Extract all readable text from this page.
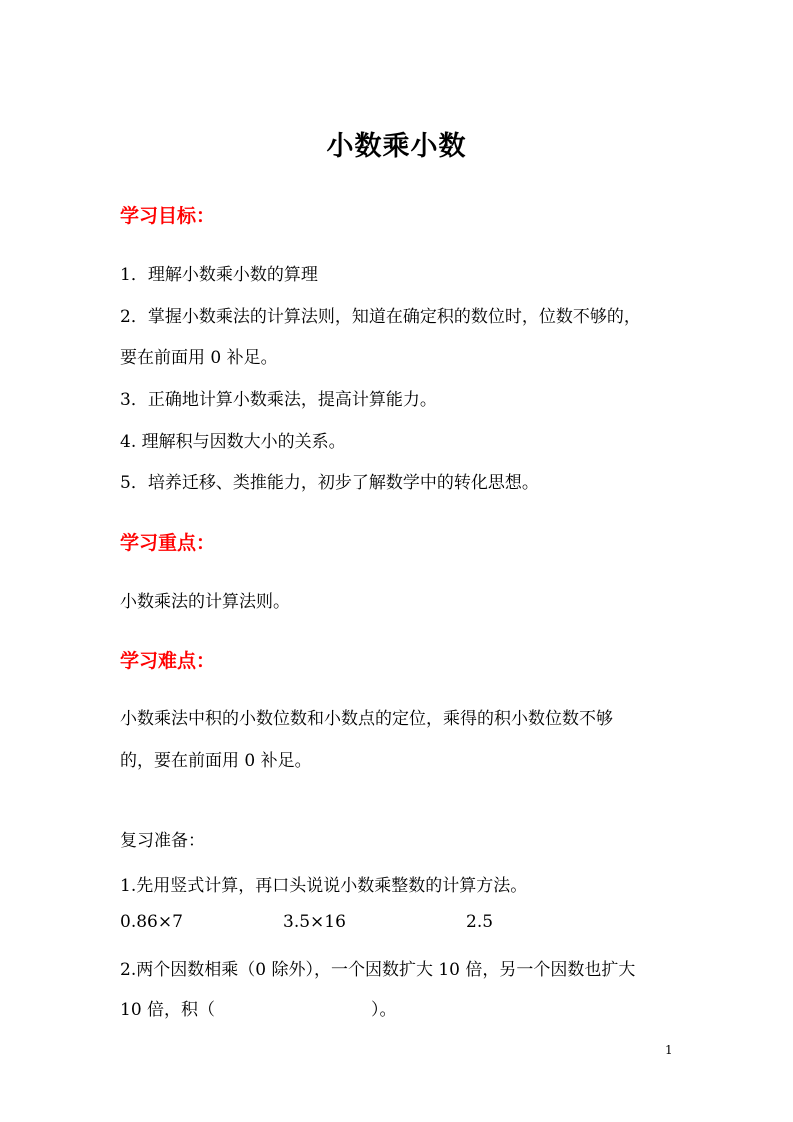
小数乘小数
学习目标：
1．理解小数乘小数的算理
2．掌握小数乘法的计算法则，知道在确定积的数位时，位数不够的，
要在前面用 0 补足。
3．正确地计算小数乘法，提高计算能力。
4. 理解积与因数大小的关系。
5．培养迁移、类推能力，初步了解数学中的转化思想。
学习重点：
小数乘法的计算法则。
学习难点：
小数乘法中积的小数位数和小数点的定位，乘得的积小数位数不够
的，要在前面用 0 补足。
复习准备：
1.先用竖式计算，再口头说说小数乘整数的计算方法。
0.86×7	3.5×16	2.5
2.两个因数相乘（0 除外），一个因数扩大 10 倍，另一个因数也扩大
10 倍，积（	）。
1
